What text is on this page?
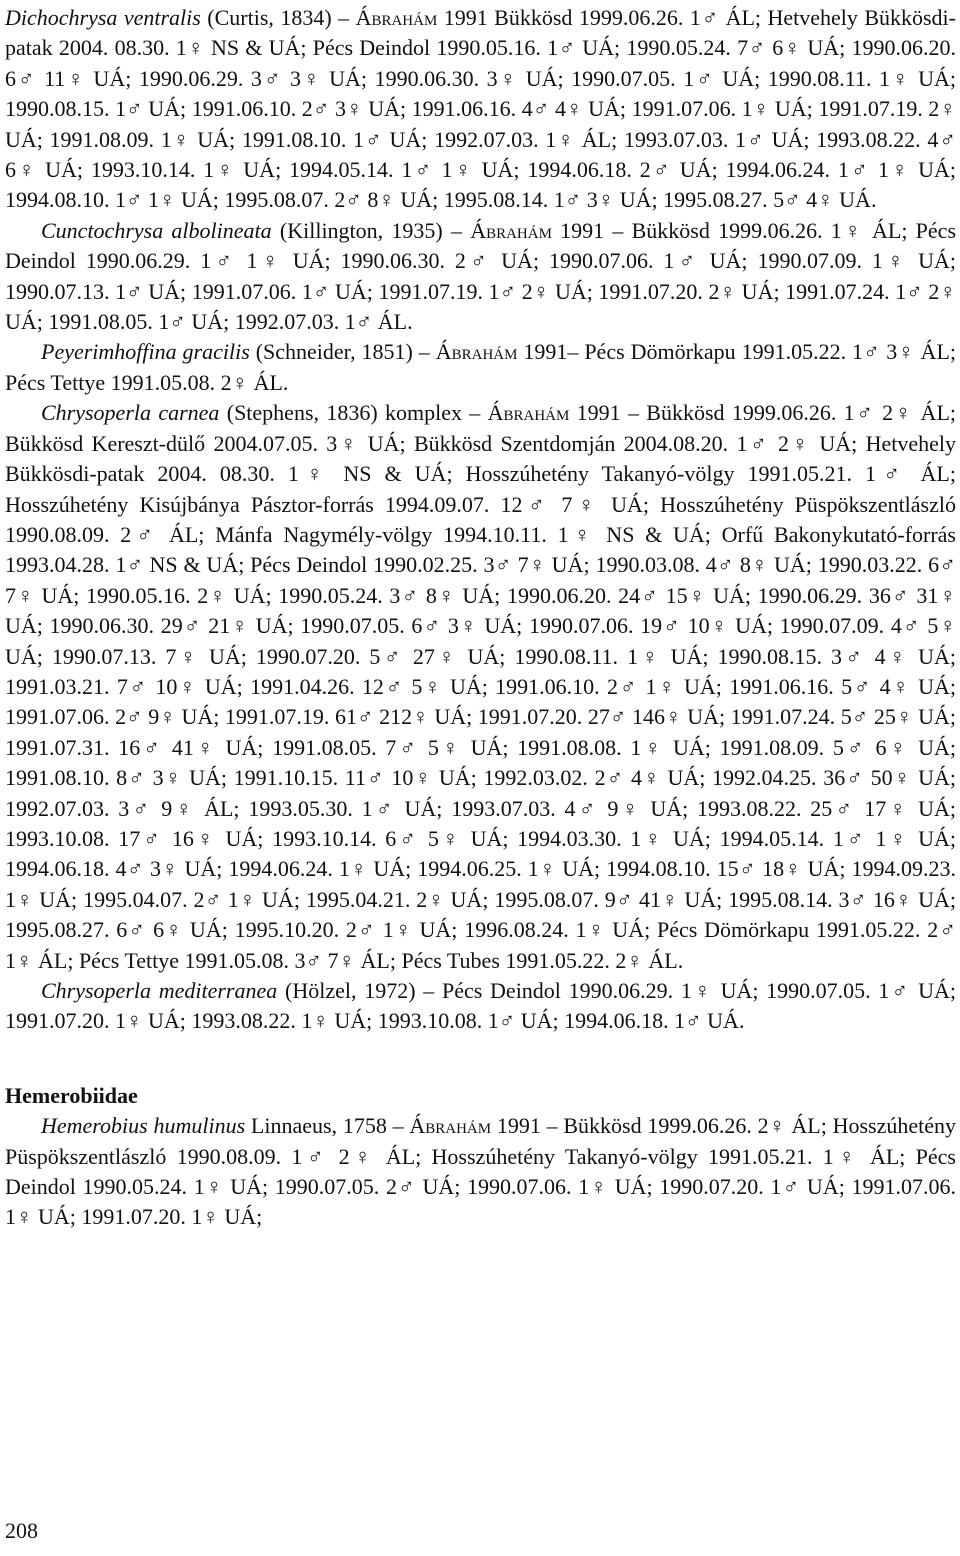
Dichochrysa ventralis (Curtis, 1834) – Ábrahám 1991 Bükkösd 1999.06.26. 1♂ ÁL; Hetvehely Bükkösdi-patak 2004. 08.30. 1♀ NS & UÁ; Pécs Deindol 1990.05.16. 1♂ UÁ; 1990.05.24. 7♂ 6♀ UÁ; 1990.06.20. 6♂ 11♀ UÁ; 1990.06.29. 3♂ 3♀ UÁ; 1990.06.30. 3♀ UÁ; 1990.07.05. 1♂ UÁ; 1990.08.11. 1♀ UÁ; 1990.08.15. 1♂ UÁ; 1991.06.10. 2♂ 3♀ UÁ; 1991.06.16. 4♂ 4♀ UÁ; 1991.07.06. 1♀ UÁ; 1991.07.19. 2♀ UÁ; 1991.08.09. 1♀ UÁ; 1991.08.10. 1♂ UÁ; 1992.07.03. 1♀ ÁL; 1993.07.03. 1♂ UÁ; 1993.08.22. 4♂ 6♀ UÁ; 1993.10.14. 1♀ UÁ; 1994.05.14. 1♂ 1♀ UÁ; 1994.06.18. 2♂ UÁ; 1994.06.24. 1♂ 1♀ UÁ; 1994.08.10. 1♂ 1♀ UÁ; 1995.08.07. 2♂ 8♀ UÁ; 1995.08.14. 1♂ 3♀ UÁ; 1995.08.27. 5♂ 4♀ UÁ.

Cunctochrysa albolineata (Killington, 1935) – Ábrahám 1991 – Bükkösd 1999.06.26. 1♀ ÁL; Pécs Deindol 1990.06.29. 1♂ 1♀ UÁ; 1990.06.30. 2♂ UÁ; 1990.07.06. 1♂ UÁ; 1990.07.09. 1♀ UÁ; 1990.07.13. 1♂ UÁ; 1991.07.06. 1♂ UÁ; 1991.07.19. 1♂ 2♀ UÁ; 1991.07.20. 2♀ UÁ; 1991.07.24. 1♂ 2♀ UÁ; 1991.08.05. 1♂ UÁ; 1992.07.03. 1♂ ÁL.

Peyerimhoffina gracilis (Schneider, 1851) – Ábrahám 1991– Pécs Dömörkapu 1991.05.22. 1♂ 3♀ ÁL; Pécs Tettye 1991.05.08. 2♀ ÁL.

Chrysoperla carnea (Stephens, 1836) komplex – Ábrahám 1991 – Bükkösd 1999.06.26. 1♂ 2♀ ÁL; Bükkösd Kereszt-dülő 2004.07.05. 3♀ UÁ; Bükkösd Szentdomján 2004.08.20. 1♂ 2♀ UÁ; Hetvehely Bükkösdi-patak 2004. 08.30. 1♀ NS & UÁ; Hosszúhetény Takanyó-völgy 1991.05.21. 1♂ ÁL; Hosszúhetény Kisújbánya Pásztor-forrás 1994.09.07. 12♂ 7♀ UÁ; Hosszúhetény Püspökszentlászló 1990.08.09. 2♂ ÁL; Mánfa Nagymély-völgy 1994.10.11. 1♀ NS & UÁ; Orfű Bakonykutató-forrás 1993.04.28. 1♂ NS & UÁ; Pécs Deindol 1990.02.25. 3♂ 7♀ UÁ; 1990.03.08. 4♂ 8♀ UÁ; 1990.03.22. 6♂ 7♀ UÁ; 1990.05.16. 2♀ UÁ; 1990.05.24. 3♂ 8♀ UÁ; 1990.06.20. 24♂ 15♀ UÁ; 1990.06.29. 36♂ 31♀ UÁ; 1990.06.30. 29♂ 21♀ UÁ; 1990.07.05. 6♂ 3♀ UÁ; 1990.07.06. 19♂ 10♀ UÁ; 1990.07.09. 4♂ 5♀ UÁ; 1990.07.13. 7♀ UÁ; 1990.07.20. 5♂ 27♀ UÁ; 1990.08.11. 1♀ UÁ; 1990.08.15. 3♂ 4♀ UÁ; 1991.03.21. 7♂ 10♀ UÁ; 1991.04.26. 12♂ 5♀ UÁ; 1991.06.10. 2♂ 1♀ UÁ; 1991.06.16. 5♂ 4♀ UÁ; 1991.07.06. 2♂ 9♀ UÁ; 1991.07.19. 61♂ 212♀ UÁ; 1991.07.20. 27♂ 146♀ UÁ; 1991.07.24. 5♂ 25♀ UÁ; 1991.07.31. 16♂ 41♀ UÁ; 1991.08.05. 7♂ 5♀ UÁ; 1991.08.08. 1♀ UÁ; 1991.08.09. 5♂ 6♀ UÁ; 1991.08.10. 8♂ 3♀ UÁ; 1991.10.15. 11♂ 10♀ UÁ; 1992.03.02. 2♂ 4♀ UÁ; 1992.04.25. 36♂ 50♀ UÁ; 1992.07.03. 3♂ 9♀ ÁL; 1993.05.30. 1♂ UÁ; 1993.07.03. 4♂ 9♀ UÁ; 1993.08.22. 25♂ 17♀ UÁ; 1993.10.08. 17♂ 16♀ UÁ; 1993.10.14. 6♂ 5♀ UÁ; 1994.03.30. 1♀ UÁ; 1994.05.14. 1♂ 1♀ UÁ; 1994.06.18. 4♂ 3♀ UÁ; 1994.06.24. 1♀ UÁ; 1994.06.25. 1♀ UÁ; 1994.08.10. 15♂ 18♀ UÁ; 1994.09.23. 1♀ UÁ; 1995.04.07. 2♂ 1♀ UÁ; 1995.04.21. 2♀ UÁ; 1995.08.07. 9♂ 41♀ UÁ; 1995.08.14. 3♂ 16♀ UÁ; 1995.08.27. 6♂ 6♀ UÁ; 1995.10.20. 2♂ 1♀ UÁ; 1996.08.24. 1♀ UÁ; Pécs Dömörkapu 1991.05.22. 2♂ 1♀ ÁL; Pécs Tettye 1991.05.08. 3♂ 7♀ ÁL; Pécs Tubes 1991.05.22. 2♀ ÁL.

Chrysoperla mediterranea (Hölzel, 1972) – Pécs Deindol 1990.06.29. 1♀ UÁ; 1990.07.05. 1♂ UÁ; 1991.07.20. 1♀ UÁ; 1993.08.22. 1♀ UÁ; 1993.10.08. 1♂ UÁ; 1994.06.18. 1♂ UÁ.

Hemerobiidae

Hemerobius humulinus Linnaeus, 1758 – Ábrahám 1991 – Bükkösd 1999.06.26. 2♀ ÁL; Hosszúhetény Püspökszentlászló 1990.08.09. 1♂ 2♀ ÁL; Hosszúhetény Takanyó-völgy 1991.05.21. 1♀ ÁL; Pécs Deindol 1990.05.24. 1♀ UÁ; 1990.07.05. 2♂ UÁ; 1990.07.06. 1♀ UÁ; 1990.07.20. 1♂ UÁ; 1991.07.06. 1♀ UÁ; 1991.07.20. 1♀ UÁ;

208
